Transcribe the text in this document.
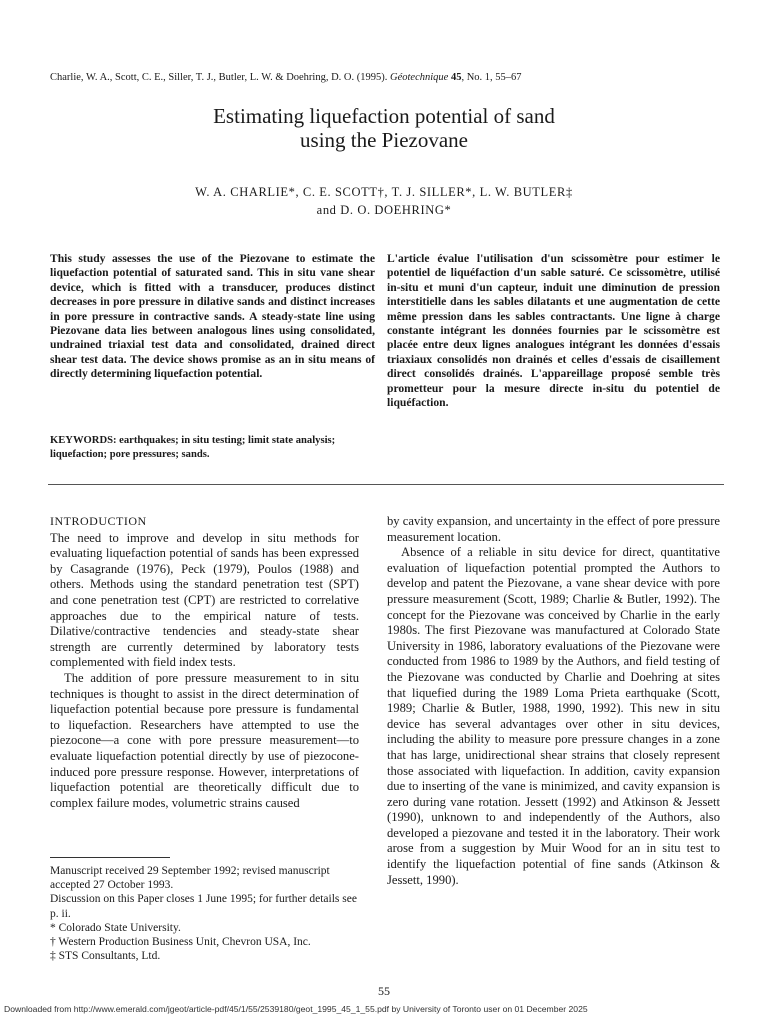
Charlie, W. A., Scott, C. E., Siller, T. J., Butler, L. W. & Doehring, D. O. (1995). Géotechnique 45, No. 1, 55–67
Estimating liquefaction potential of sand
using the Piezovane
W. A. CHARLIE*, C. E. SCOTT†, T. J. SILLER*, L. W. BUTLER‡
and D. O. DOEHRING*
This study assesses the use of the Piezovane to estimate the liquefaction potential of saturated sand. This in situ vane shear device, which is fitted with a transducer, produces distinct decreases in pore pressure in dilative sands and distinct increases in pore pressure in contractive sands. A steady-state line using Piezovane data lies between analogous lines using consolidated, undrained triaxial test data and consolidated, drained direct shear test data. The device shows promise as an in situ means of directly determining liquefaction potential.
KEYWORDS: earthquakes; in situ testing; limit state analysis; liquefaction; pore pressures; sands.
L'article évalue l'utilisation d'un scissomètre pour estimer le potentiel de liquéfaction d'un sable saturé. Ce scissomètre, utilisé in-situ et muni d'un capteur, induit une diminution de pression interstitielle dans les sables dilatants et une augmentation de cette même pression dans les sables contractants. Une ligne à charge constante intégrant les données fournies par le scissomètre est placée entre deux lignes analogues intégrant les données d'essais triaxiaux consolidés non drainés et celles d'essais de cisaillement direct consolidés drainés. L'appareillage proposé semble très prometteur pour la mesure directe in-situ du potentiel de liquéfaction.
INTRODUCTION

The need to improve and develop in situ methods for evaluating liquefaction potential of sands has been expressed by Casagrande (1976), Peck (1979), Poulos (1988) and others. Methods using the standard penetration test (SPT) and cone penetration test (CPT) are restricted to correlative approaches due to the empirical nature of tests. Dilative/contractive tendencies and steady-state shear strength are currently determined by laboratory tests complemented with field index tests.

The addition of pore pressure measurement to in situ techniques is thought to assist in the direct determination of liquefaction potential because pore pressure is fundamental to liquefaction. Researchers have attempted to use the piezocone—a cone with pore pressure measurement—to evaluate liquefaction potential directly by use of piezocone-induced pore pressure response. However, interpretations of liquefaction potential are theoretically difficult due to complex failure modes, volumetric strains caused

by cavity expansion, and uncertainty in the effect of pore pressure measurement location.

Absence of a reliable in situ device for direct, quantitative evaluation of liquefaction potential prompted the Authors to develop and patent the Piezovane, a vane shear device with pore pressure measurement (Scott, 1989; Charlie & Butler, 1992). The concept for the Piezovane was conceived by Charlie in the early 1980s. The first Piezovane was manufactured at Colorado State University in 1986, laboratory evaluations of the Piezovane were conducted from 1986 to 1989 by the Authors, and field testing of the Piezovane was conducted by Charlie and Doehring at sites that liquefied during the 1989 Loma Prieta earthquake (Scott, 1989; Charlie & Butler, 1988, 1990, 1992). This new in situ device has several advantages over other in situ devices, including the ability to measure pore pressure changes in a zone that has large, unidirectional shear strains that closely represent those associated with liquefaction. In addition, cavity expansion due to inserting of the vane is minimized, and cavity expansion is zero during vane rotation. Jessett (1992) and Atkinson & Jessett (1990), unknown to and independently of the Authors, also developed a piezovane and tested it in the laboratory. Their work arose from a suggestion by Muir Wood for an in situ test to identify the liquefaction potential of fine sands (Atkinson & Jessett, 1990).

Manuscript received 29 September 1992; revised manuscript accepted 27 October 1993.
Discussion on this Paper closes 1 June 1995; for further details see p. ii.
* Colorado State University.
† Western Production Business Unit, Chevron USA, Inc.
‡ STS Consultants, Ltd.
55
Downloaded from http://www.emerald.com/jgeot/article-pdf/45/1/55/2539180/geot_1995_45_1_55.pdf by University of Toronto user on 01 December 2025
